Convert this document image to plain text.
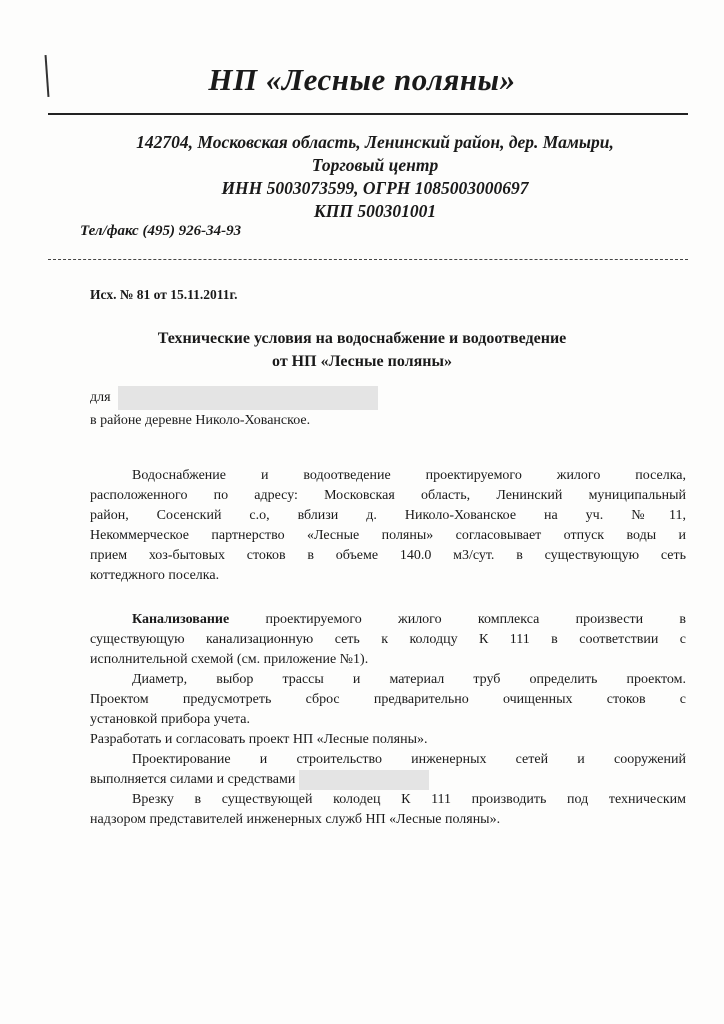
НП «Лесные поляны»
142704, Московская область, Ленинский район, дер. Мамыри,
Торговый центр
ИНН 5003073599, ОГРН 1085003000697
КПП 500301001
Тел/факс (495) 926-34-93
Исх. № 81 от 15.11.2011г.
Технические условия на водоснабжение и водоотведение
от НП «Лесные поляны»
для
в районе деревне Николо-Хованское.
Водоснабжение и водоотведение проектируемого жилого поселка,
расположенного по адресу: Московская область, Ленинский муниципальный
район, Сосенский с.о, вблизи д. Николо-Хованское на уч. №11,
Некоммерческое партнерство «Лесные поляны» согласовывает отпуск воды и
прием хоз-бытовых стоков в объеме 140.0 м3/сут. в существующую сеть
коттеджного поселка.
Канализование проектируемого жилого комплекса произвести в
существующую канализационную сеть к колодцу К 111 в соответствии с
исполнительной схемой (см. приложение №1).
Диаметр, выбор трассы и материал труб определить проектом.
Проектом предусмотреть сброс предварительно очищенных стоков с
установкой прибора учета.
Разработать и согласовать проект НП «Лесные поляны».
Проектирование и строительство инженерных сетей и сооружений
выполняется силами и средствами
Врезку в существующей колодец К 111 производить под техническим
надзором представителей инженерных служб НП «Лесные поляны».
